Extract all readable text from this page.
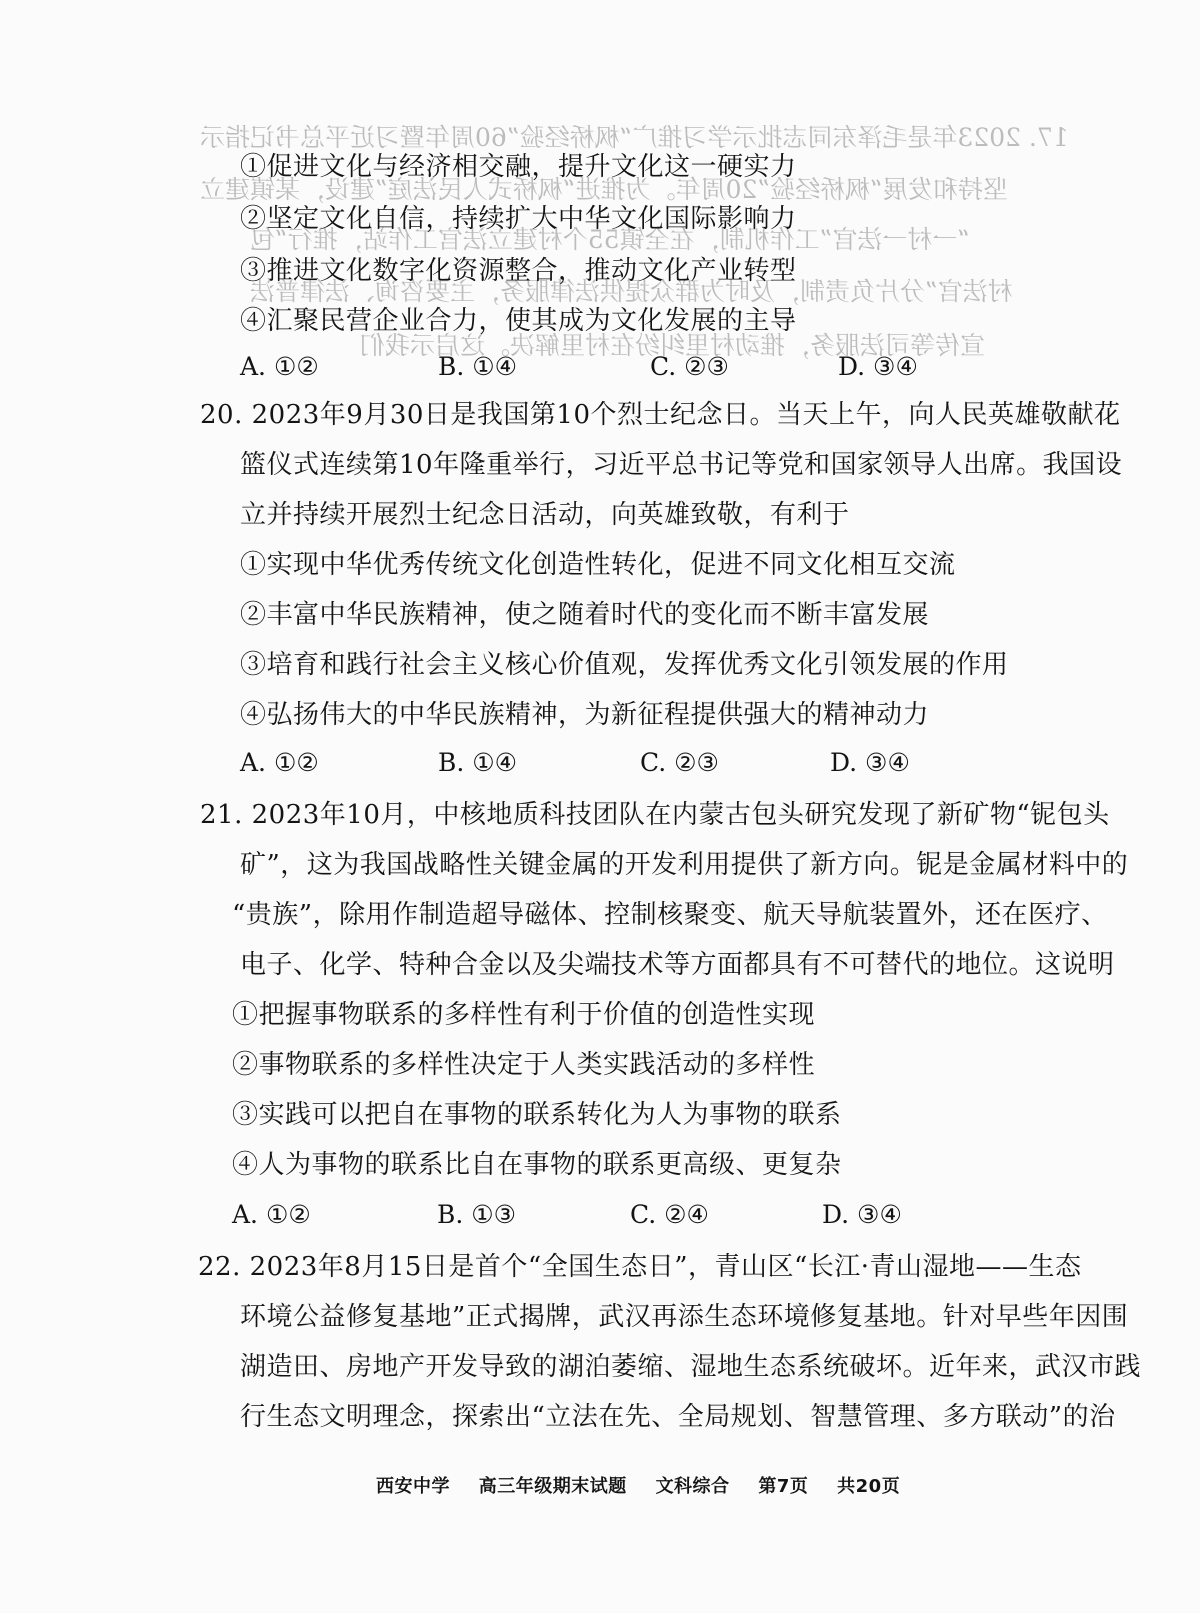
17. 2023年是毛泽东同志批示学习推广“枫桥经验”60周年暨习近平总书记指示
坚持和发展“枫桥经验”20周年。为推进“枫桥式人民法庭”建设，某镇建立
“一村一法官”工作机制，在全镇55个村建立法官工作站，推行“包
村法官”分片负责制，及时为群众提供法律服务，主要咨询、法律普法
宣传等司法服务，推动村里纠纷在村里解决。这启示我们
①促进文化与经济相交融，提升文化这一硬实力
②坚定文化自信，持续扩大中华文化国际影响力
③推进文化数字化资源整合，推动文化产业转型
④汇聚民营企业合力，使其成为文化发展的主导
A. ①②	B. ①④	C. ②③	D. ③④
20. 2023年9月30日是我国第10个烈士纪念日。当天上午，向人民英雄敬献花
篮仪式连续第10年隆重举行，习近平总书记等党和国家领导人出席。我国设
立并持续开展烈士纪念日活动，向英雄致敬，有利于
①实现中华优秀传统文化创造性转化，促进不同文化相互交流
②丰富中华民族精神，使之随着时代的变化而不断丰富发展
③培育和践行社会主义核心价值观，发挥优秀文化引领发展的作用
④弘扬伟大的中华民族精神，为新征程提供强大的精神动力
A. ①②	B. ①④	C. ②③	D. ③④
21. 2023年10月，中核地质科技团队在内蒙古包头研究发现了新矿物“铌包头
矿”，这为我国战略性关键金属的开发利用提供了新方向。铌是金属材料中的
“贵族”，除用作制造超导磁体、控制核聚变、航天导航装置外，还在医疗、
电子、化学、特种合金以及尖端技术等方面都具有不可替代的地位。这说明
①把握事物联系的多样性有利于价值的创造性实现
②事物联系的多样性决定于人类实践活动的多样性
③实践可以把自在事物的联系转化为人为事物的联系
④人为事物的联系比自在事物的联系更高级、更复杂
A. ①②	B. ①③	C. ②④	D. ③④
22. 2023年8月15日是首个“全国生态日”，青山区“长江·青山湿地——生态
环境公益修复基地”正式揭牌，武汉再添生态环境修复基地。针对早些年因围
湖造田、房地产开发导致的湖泊萎缩、湿地生态系统破坏。近年来，武汉市践
行生态文明理念，探索出“立法在先、全局规划、智慧管理、多方联动”的治
西安中学 高三年级期末试题 文科综合 第7页 共20页
